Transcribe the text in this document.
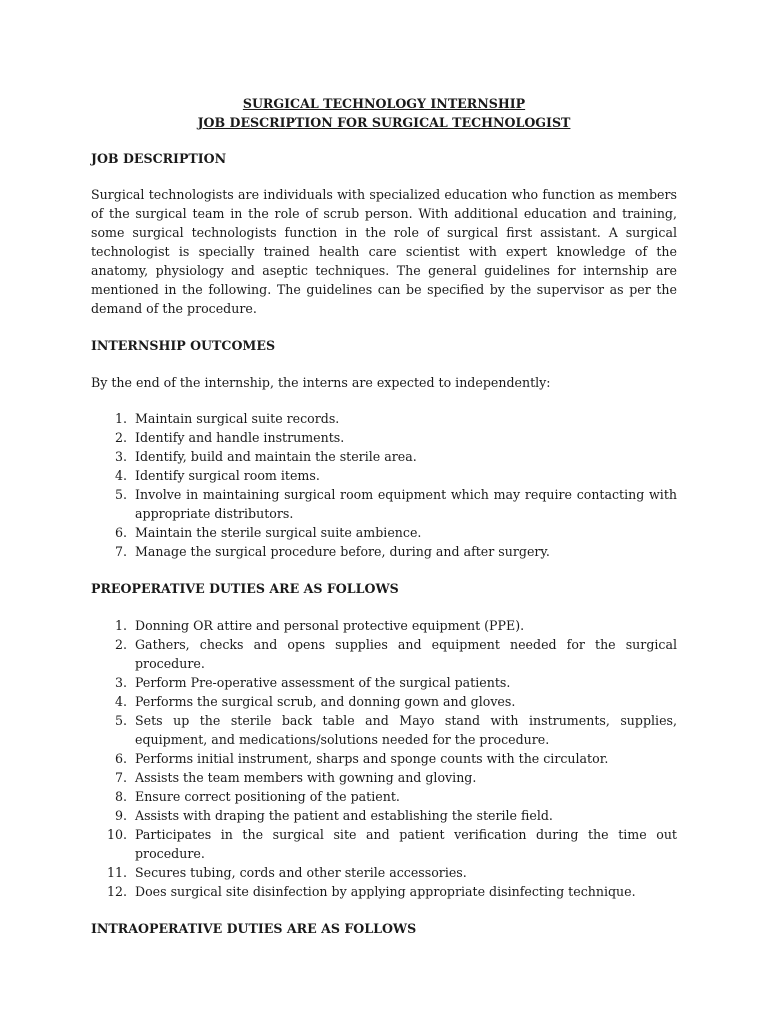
SURGICAL TECHNOLOGY INTERNSHIP

JOB DESCRIPTION FOR SURGICAL TECHNOLOGIST

JOB DESCRIPTION

Surgical technologists are individuals with specialized education who function as members of the surgical team in the role of scrub person. With additional education and training, some surgical technologists function in the role of surgical first assistant. A surgical technologist is specially trained health care scientist with expert knowledge of the anatomy, physiology and aseptic techniques. The general guidelines for internship are mentioned in the following. The guidelines can be specified by the supervisor as per the demand of the procedure.

INTERNSHIP OUTCOMES

By the end of the internship, the interns are expected to independently:

1. Maintain surgical suite records.
2. Identify and handle instruments.
3. Identify, build and maintain the sterile area.
4. Identify surgical room items.
5. Involve in maintaining surgical room equipment which may require contacting with appropriate distributors.
6. Maintain the sterile surgical suite ambience.
7. Manage the surgical procedure before, during and after surgery.

PREOPERATIVE DUTIES ARE AS FOLLOWS

1. Donning OR attire and personal protective equipment (PPE).
2. Gathers, checks and opens supplies and equipment needed for the surgical procedure.
3. Perform Pre-operative assessment of the surgical patients.
4. Performs the surgical scrub, and donning gown and gloves.
5. Sets up the sterile back table and Mayo stand with instruments, supplies, equipment, and medications/solutions needed for the procedure.
6. Performs initial instrument, sharps and sponge counts with the circulator.
7. Assists the team members with gowning and gloving.
8. Ensure correct positioning of the patient.
9. Assists with draping the patient and establishing the sterile field.
10. Participates in the surgical site and patient verification during the time out procedure.
11. Secures tubing, cords and other sterile accessories.
12. Does surgical site disinfection by applying appropriate disinfecting technique.

INTRAOPERATIVE DUTIES ARE AS FOLLOWS
